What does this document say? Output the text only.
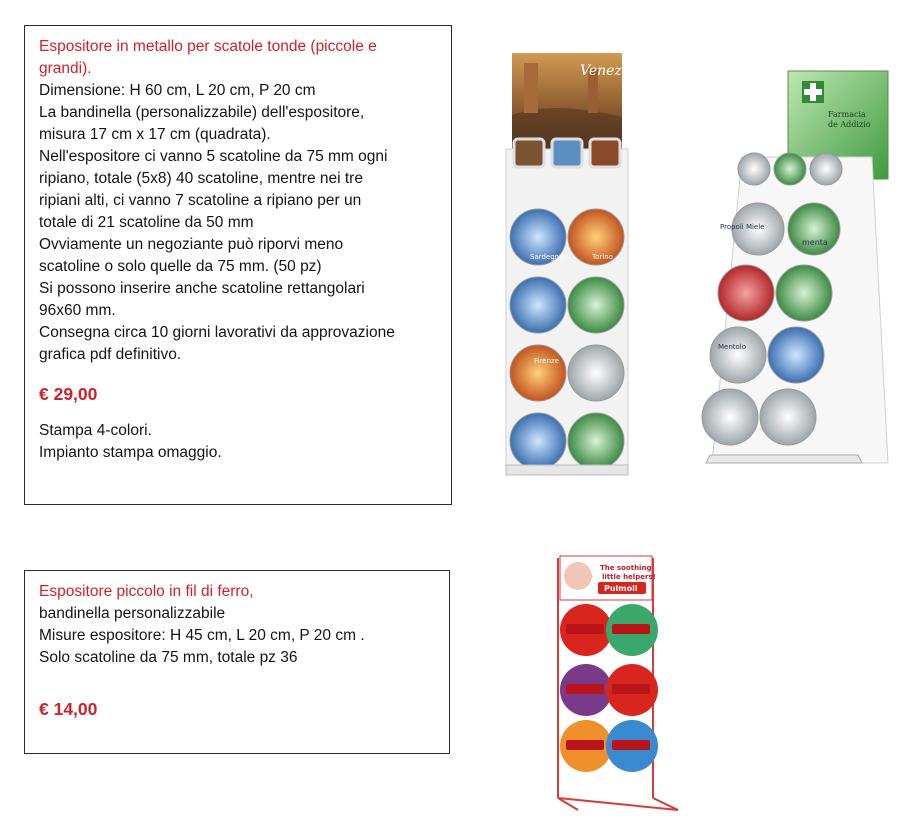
Espositore in metallo per scatole tonde (piccole e grandi).
Dimensione: H 60 cm, L 20 cm, P 20 cm
La bandinella (personalizzabile) dell'espositore,
misura 17 cm x 17 cm (quadrata).
Nell'espositore ci vanno 5 scatoline da 75 mm ogni
ripiano, totale (5x8) 40 scatoline, mentre nei tre
ripiani alti, ci vanno 7 scatoline a ripiano per un
totale di 21 scatoline da 50 mm
Ovviamente un negoziante può riporvi meno
scatoline o solo quelle da 75 mm. (50 pz)
Si possono inserire anche scatoline rettangolari
96x60 mm.
Consegna circa 10 giorni lavorativi da approvazione
grafica pdf definitivo.
€ 29,00
Stampa 4-colori.
Impianto stampa omaggio.
Venezia
Sardegna	Torino
Firenze
Farmacia
de Addizio
menta
Mentolo
Propoli Miele
Espositore piccolo in fil di ferro,
bandinella personalizzabile
Misure espositore: H 45 cm, L 20 cm, P 20 cm .
Solo scatoline da 75 mm, totale pz 36
€ 14,00
The soothing
little helpers!
Pulmoll
